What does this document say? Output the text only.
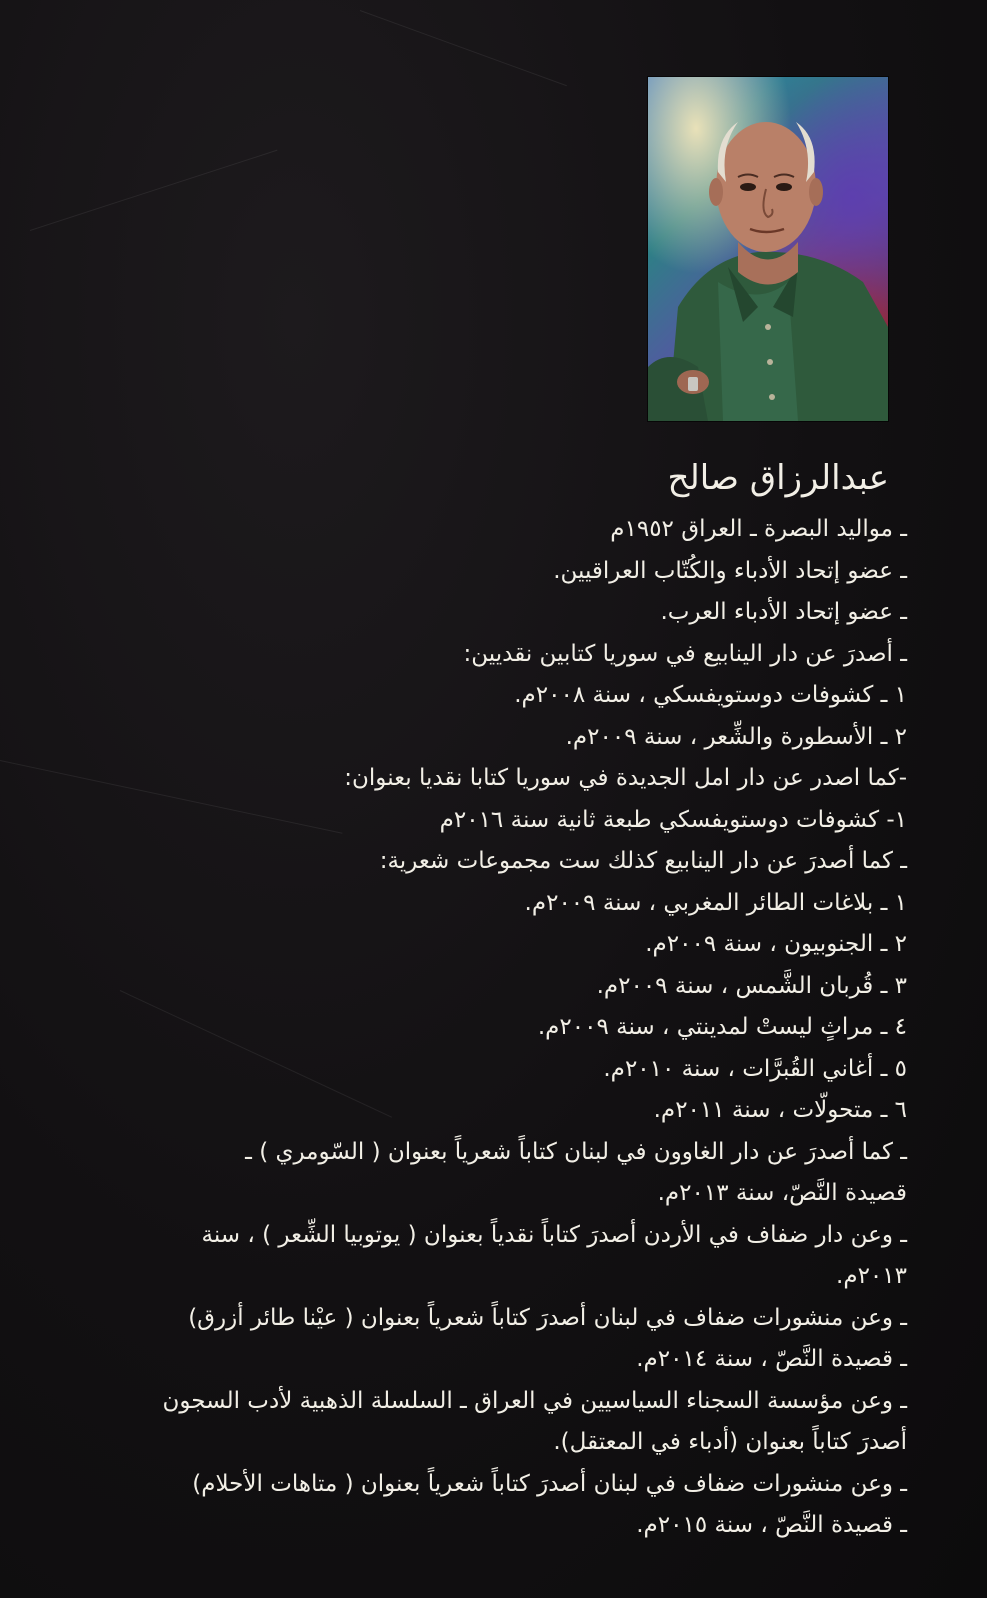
عبدالرزاق صالح
ـ مواليد البصرة ـ العراق ١٩٥٢م
ـ عضو إتحاد الأدباء والكُتّاب العراقيين.
ـ عضو إتحاد الأدباء العرب.
ـ أصدرَ عن دار الينابيع في سوريا كتابين نقديين:
١ ـ كشوفات دوستويفسكي ، سنة ٢٠٠٨م.
٢ ـ الأسطورة والشِّعر ، سنة ٢٠٠٩م.
-كما اصدر عن دار امل الجديدة في سوريا كتابا نقديا بعنوان:
١- كشوفات دوستويفسكي طبعة ثانية سنة ٢٠١٦م
ـ كما أصدرَ عن دار الينابيع كذلك ست مجموعات شعرية:
١ ـ بلاغات الطائر المغربي ، سنة ٢٠٠٩م.
٢ ـ الجنوبيون ، سنة ٢٠٠٩م.
٣ ـ قُربان الشَّمس ، سنة ٢٠٠٩م.
٤ ـ مراثٍ ليستْ لمدينتي ، سنة ٢٠٠٩م.
٥ ـ أغاني القُبرَّات ، سنة ٢٠١٠م.
٦ ـ متحولّات ، سنة ٢٠١١م.
ـ كما أصدرَ عن دار الغاوون في لبنان كتاباً شعرياً بعنوان ( السّومري ) ـ
قصيدة النَّصّ، سنة ٢٠١٣م.
ـ وعن دار ضفاف في الأردن أصدرَ كتاباً نقدياً بعنوان ( يوتوبيا الشِّعر ) ، سنة
٢٠١٣م.
ـ وعن منشورات ضفاف في لبنان أصدرَ كتاباً شعرياً بعنوان ( عيْنا طائر أزرق)
ـ قصيدة النَّصّ ، سنة ٢٠١٤م.
ـ وعن مؤسسة السجناء السياسيين في العراق ـ السلسلة الذهبية لأدب السجون
أصدرَ كتاباً بعنوان (أدباء في المعتقل).
ـ وعن منشورات ضفاف في لبنان أصدرَ كتاباً شعرياً بعنوان ( متاهات الأحلام)
ـ قصيدة النَّصّ ، سنة ٢٠١٥م.
